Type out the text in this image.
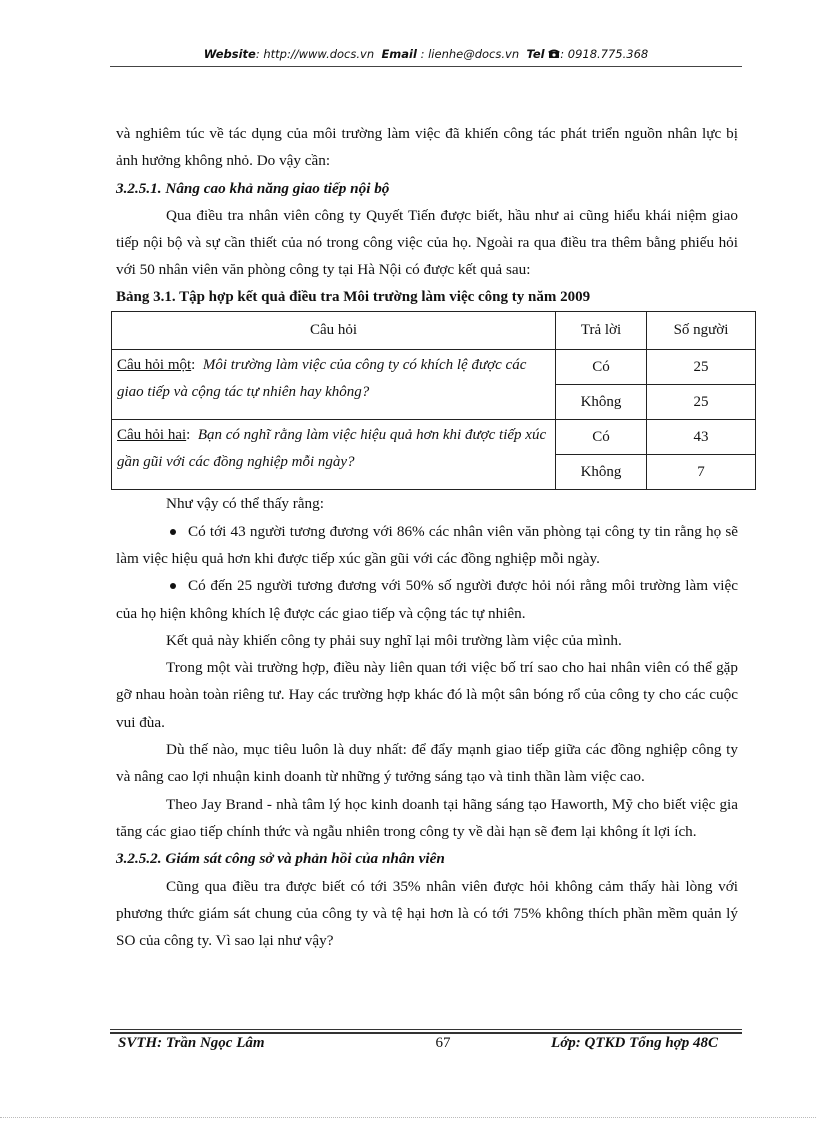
Website: http://www.docs.vn Email : lienhe@docs.vn Tel : 0918.775.368

và nghiêm túc về tác dụng của môi trường làm việc đã khiến công tác phát triển nguồn nhân lực bị ảnh hưởng không nhỏ. Do vậy cần:

3.2.5.1. Nâng cao khả năng giao tiếp nội bộ

Qua điều tra nhân viên công ty Quyết Tiến được biết, hầu như ai cũng hiểu khái niệm giao tiếp nội bộ và sự cần thiết của nó trong công việc của họ. Ngoài ra qua điều tra thêm bằng phiếu hỏi với 50 nhân viên văn phòng công ty tại Hà Nội có được kết quả sau:

Bảng 3.1. Tập hợp kết quả điều tra Môi trường làm việc công ty năm 2009

Câu hỏi	Trả lời	Số người
Câu hỏi một:  Môi trường làm việc của công ty có khích lệ được các giao tiếp và cộng tác tự nhiên hay không?	Có	25
	Không	25
Câu hỏi hai:  Bạn có nghĩ rằng làm việc hiệu quả hơn khi được tiếp xúc gần gũi với các đồng nghiệp mỗi ngày?	Có	43
	Không	7

Như vậy có thể thấy rằng:

Có tới 43 người tương đương với 86% các nhân viên văn phòng tại công ty tin rằng họ sẽ làm việc hiệu quả hơn khi được tiếp xúc gần gũi với các đồng nghiệp mỗi ngày.

Có đến 25 người tương đương với 50% số người được hỏi nói rằng môi trường làm việc của họ hiện không khích lệ được các giao tiếp và cộng tác tự nhiên.

Kết quả này khiến công ty phải suy nghĩ lại môi trường làm việc của mình.

Trong một vài trường hợp, điều này liên quan tới việc bố trí sao cho hai nhân viên có thể gặp gỡ nhau hoàn toàn riêng tư. Hay các trường hợp khác đó là một sân bóng rổ của công ty cho các cuộc vui đùa.

Dù thế nào, mục tiêu luôn là duy nhất: để đẩy mạnh giao tiếp giữa các đồng nghiệp công ty và nâng cao lợi nhuận kinh doanh từ những ý tưởng sáng tạo và tinh thần làm việc cao.

Theo Jay Brand - nhà tâm lý học kinh doanh tại hãng sáng tạo Haworth, Mỹ cho biết việc gia tăng các giao tiếp chính thức và ngẫu nhiên trong công ty về dài hạn sẽ đem lại không ít lợi ích.

3.2.5.2. Giám sát công sở và phản hồi của nhân viên

Cũng qua điều tra được biết có tới 35% nhân viên được hỏi không cảm thấy hài lòng với phương thức giám sát chung của công ty và tệ hại hơn là có tới 75% không thích phần mềm quản lý SO của công ty. Vì sao lại như vậy?

SVTH: Trần Ngọc Lâm	67	Lớp: QTKD Tổng hợp 48C
